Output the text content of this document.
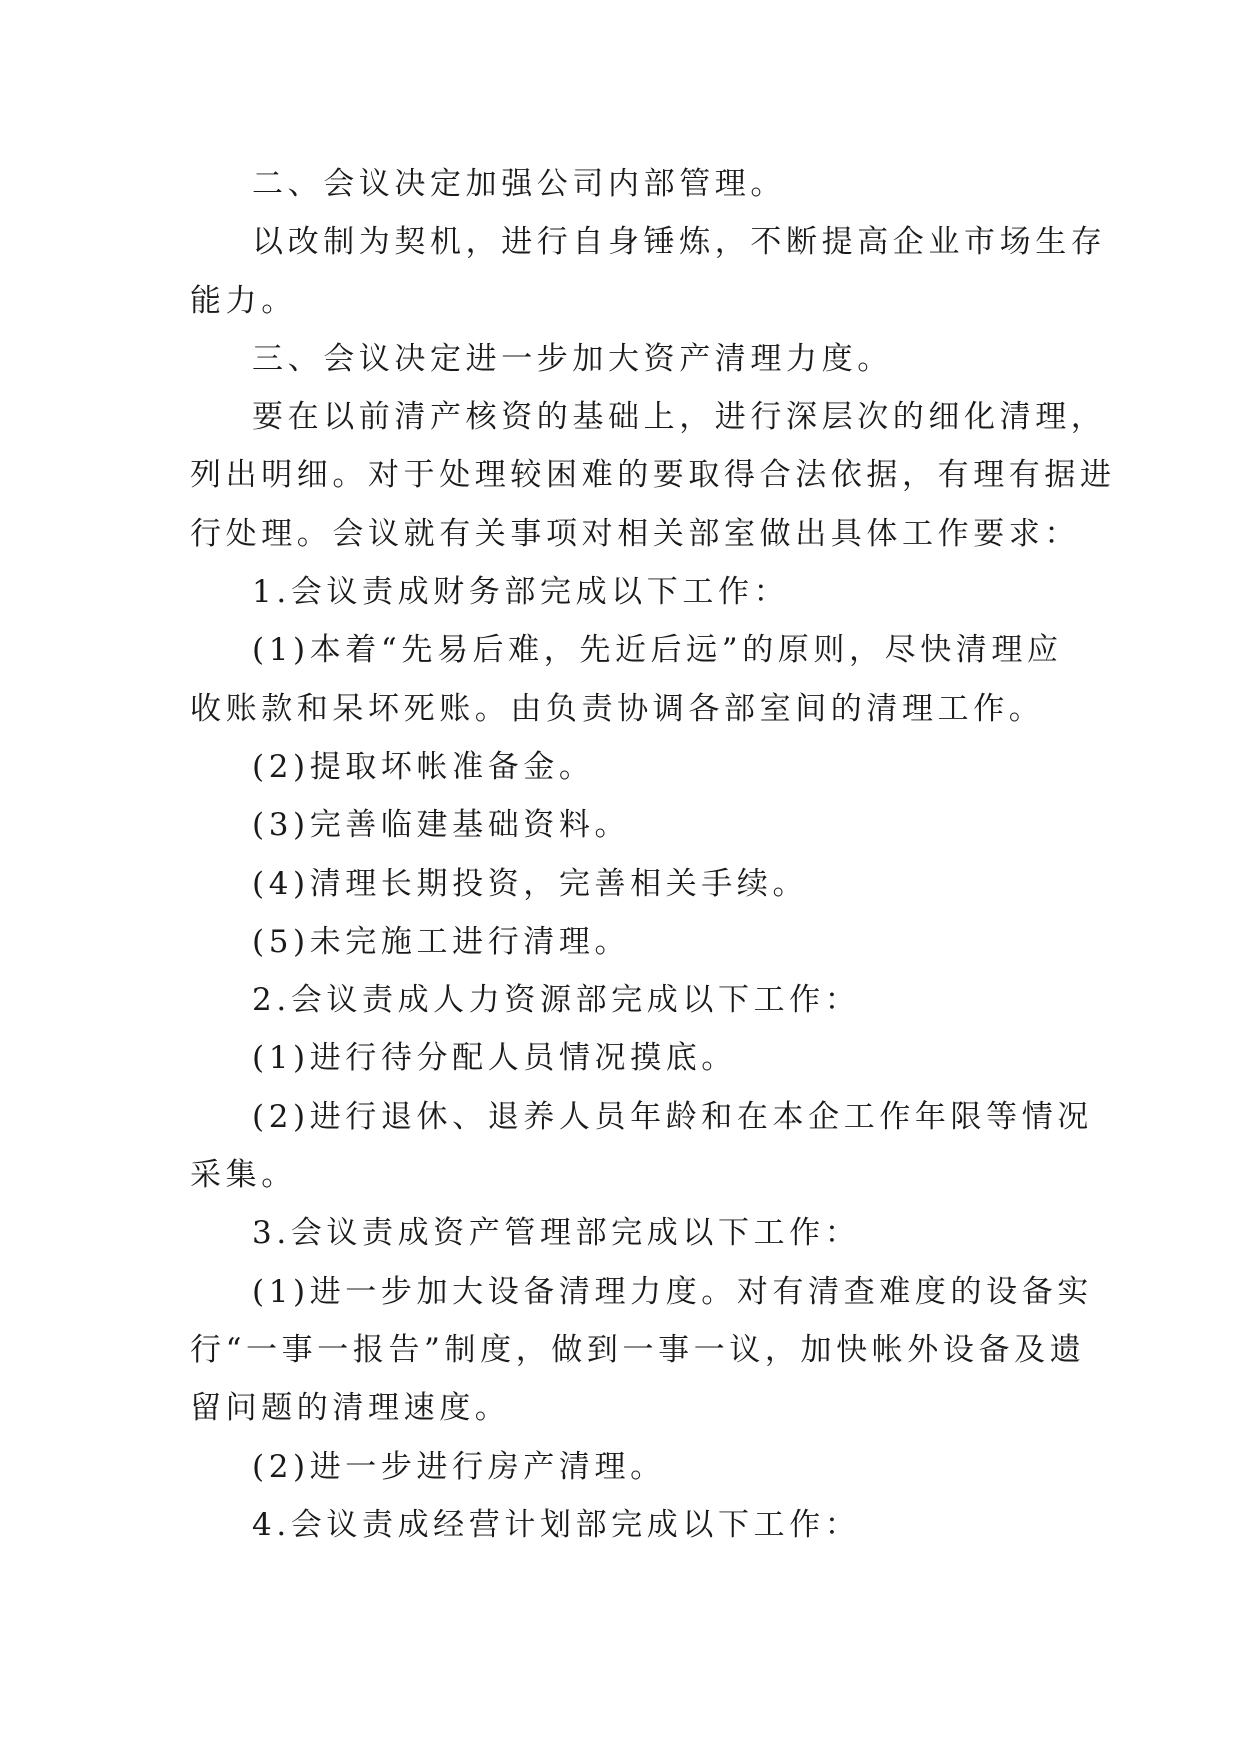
二、会议决定加强公司内部管理。
以改制为契机，进行自身锤炼，不断提高企业市场生存
能力。
三、会议决定进一步加大资产清理力度。
要在以前清产核资的基础上，进行深层次的细化清理，
列出明细。对于处理较困难的要取得合法依据，有理有据进
行处理。会议就有关事项对相关部室做出具体工作要求：
1.会议责成财务部完成以下工作：
(1)本着“先易后难，先近后远”的原则，尽快清理应
收账款和呆坏死账。由负责协调各部室间的清理工作。
(2)提取坏帐准备金。
(3)完善临建基础资料。
(4)清理长期投资，完善相关手续。
(5)未完施工进行清理。
2.会议责成人力资源部完成以下工作：
(1)进行待分配人员情况摸底。
(2)进行退休、退养人员年龄和在本企工作年限等情况
采集。
3.会议责成资产管理部完成以下工作：
(1)进一步加大设备清理力度。对有清查难度的设备实
行“一事一报告”制度，做到一事一议，加快帐外设备及遗
留问题的清理速度。
(2)进一步进行房产清理。
4.会议责成经营计划部完成以下工作：
